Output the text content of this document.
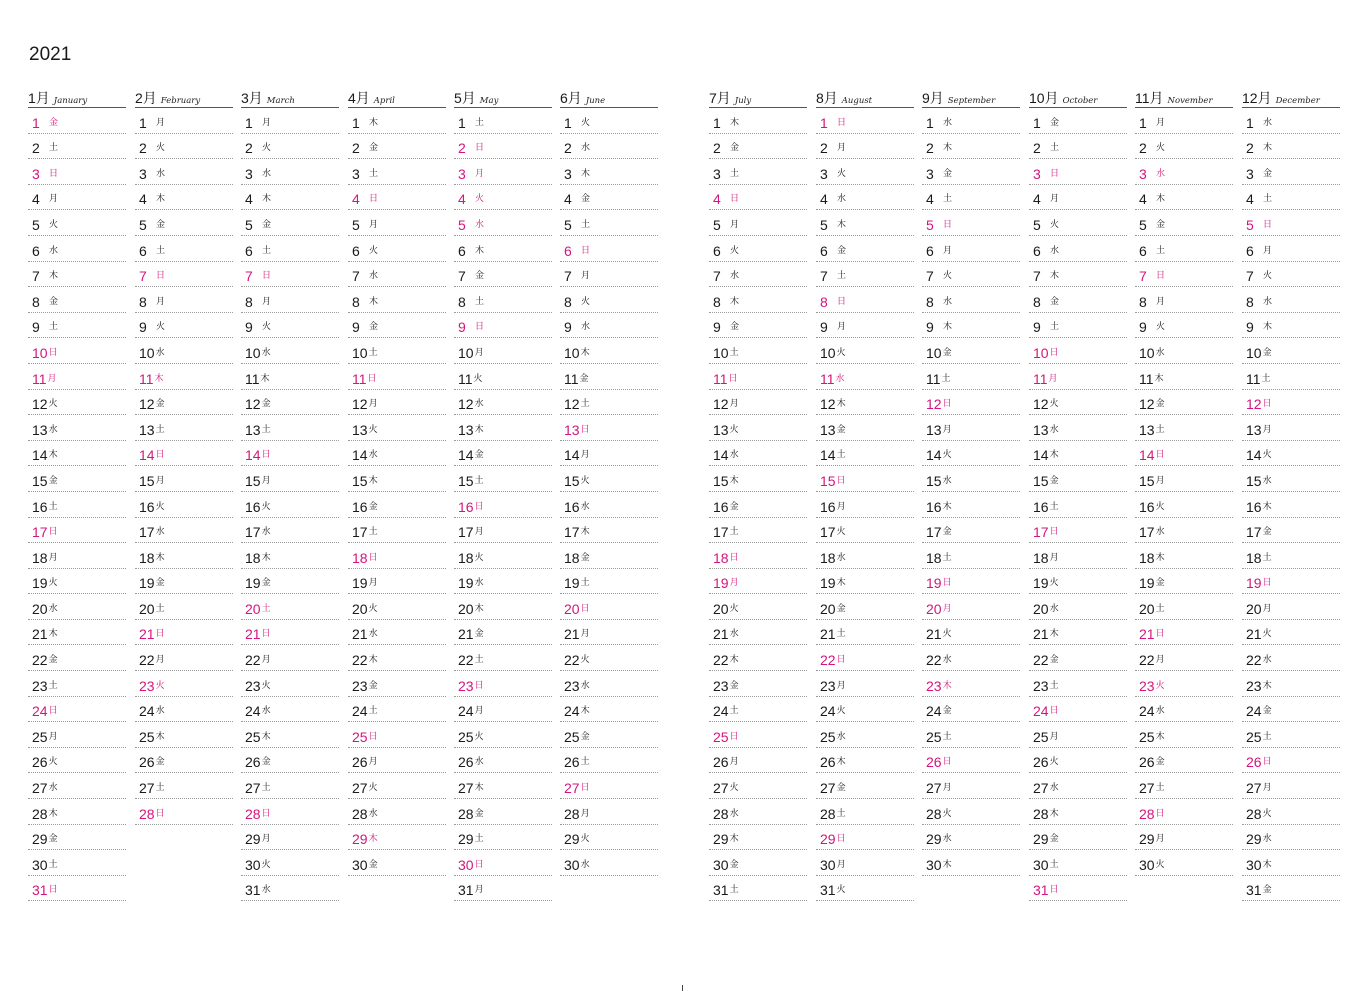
2021
1月 January
1	金
2	土
3	日
4	月
5	火
6	水
7	木
8	金
9	土
10 日
11 月
12 火
13 水
14 木
15 金
16 土
17 日
18 月
19 火
20 水
21 木
22 金
23 土
24 日
25 月
26 火
27 水
28 木
29 金
30 土
31 日
2月 February
1	月
2	火
3	水
4	木
5	金
6	土
7	日
8	月
9	火
10 水
11 木
12 金
13 土
14 日
15 月
16 火
17 水
18 木
19 金
20 土
21 日
22 月
23 火
24 水
25 木
26 金
27 土
28 日
3月 March
1	月
2	火
3	水
4	木
5	金
6	土
7	日
8	月
9	火
10 水
11 木
12 金
13 土
14 日
15 月
16 火
17 水
18 木
19 金
20 土
21 日
22 月
23 火
24 水
25 木
26 金
27 土
28 日
29 月
30 火
31 水
4月 April
1	木
2	金
3	土
4	日
5	月
6	火
7	水
8	木
9	金
10 土
11 日
12 月
13 火
14 水
15 木
16 金
17 土
18 日
19 月
20 火
21 水
22 木
23 金
24 土
25 日
26 月
27 火
28 水
29 木
30 金
5月 May
1	土
2	日
3	月
4	火
5	水
6	木
7	金
8	土
9	日
10 月
11 火
12 水
13 木
14 金
15 土
16 日
17 月
18 火
19 水
20 木
21 金
22 土
23 日
24 月
25 火
26 水
27 木
28 金
29 土
30 日
31 月
6月 June
1	火
2	水
3	木
4	金
5	土
6	日
7	月
8	火
9	水
10 木
11 金
12 土
13 日
14 月
15 火
16 水
17 木
18 金
19 土
20 日
21 月
22 火
23 水
24 木
25 金
26 土
27 日
28 月
29 火
30 水
7月 July
1	木
2	金
3	土
4	日
5	月
6	火
7	水
8	木
9	金
10 土
11 日
12 月
13 火
14 水
15 木
16 金
17 土
18 日
19 月
20 火
21 水
22 木
23 金
24 土
25 日
26 月
27 火
28 水
29 木
30 金
31 土
8月 August
1	日
2	月
3	火
4	水
5	木
6	金
7	土
8	日
9	月
10 火
11 水
12 木
13 金
14 土
15 日
16 月
17 火
18 水
19 木
20 金
21 土
22 日
23 月
24 火
25 水
26 木
27 金
28 土
29 日
30 月
31 火
9月 September
1	水
2	木
3	金
4	土
5	日
6	月
7	火
8	水
9	木
10 金
11 土
12 日
13 月
14 火
15 水
16 木
17 金
18 土
19 日
20 月
21 火
22 水
23 木
24 金
25 土
26 日
27 月
28 火
29 水
30 木
10月 October
1	金
2	土
3	日
4	月
5	火
6	水
7	木
8	金
9	土
10 日
11 月
12 火
13 水
14 木
15 金
16 土
17 日
18 月
19 火
20 水
21 木
22 金
23 土
24 日
25 月
26 火
27 水
28 木
29 金
30 土
31 日
11月 November
1	月
2	火
3	水
4	木
5	金
6	土
7	日
8	月
9	火
10 水
11 木
12 金
13 土
14 日
15 月
16 火
17 水
18 木
19 金
20 土
21 日
22 月
23 火
24 水
25 木
26 金
27 土
28 日
29 月
30 火
12月 December
1	水
2	木
3	金
4	土
5	日
6	月
7	火
8	水
9	木
10 金
11 土
12 日
13 月
14 火
15 水
16 木
17 金
18 土
19 日
20 月
21 火
22 水
23 木
24 金
25 土
26 日
27 月
28 火
29 水
30 木
31 金
